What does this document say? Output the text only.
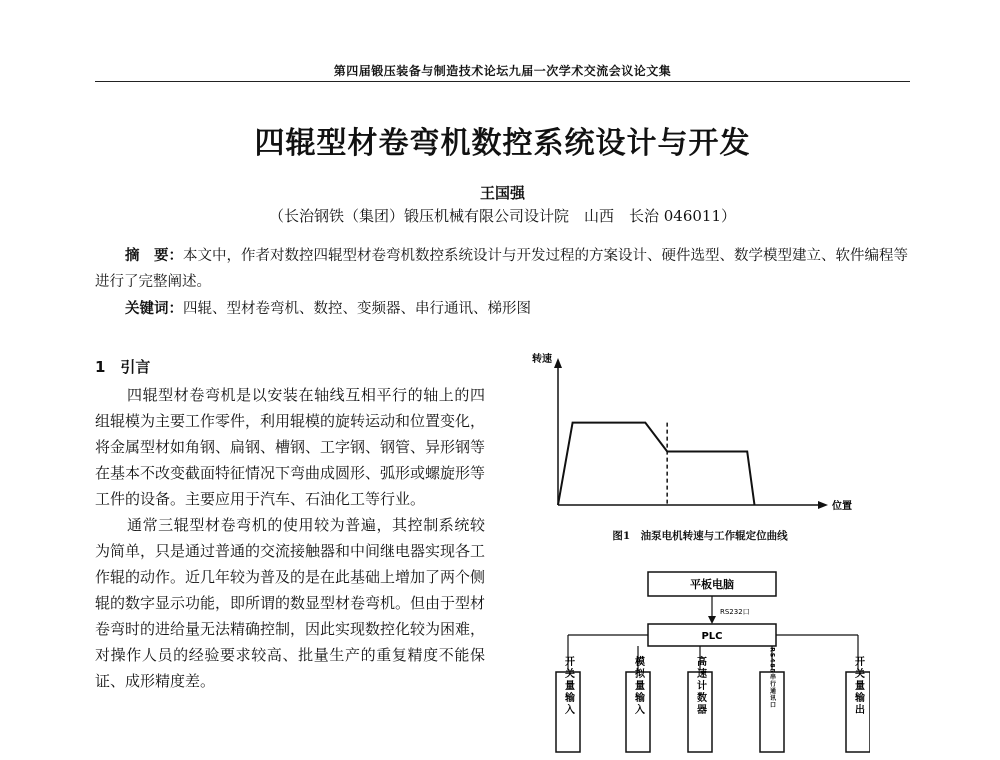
第四届锻压装备与制造技术论坛九届一次学术交流会议论文集
四辊型材卷弯机数控系统设计与开发
王国强
（长治钢铁（集团）锻压机械有限公司设计院　山西　长治 046011）
摘　要：本文中，作者对数控四辊型材卷弯机数控系统设计与开发过程的方案设计、硬件选型、数学模型建立、软件编程等进行了完整阐述。
关键词：四辊、型材卷弯机、数控、变频器、串行通讯、梯形图
1　引言

四辊型材卷弯机是以安装在轴线互相平行的轴上的四组辊模为主要工作零件，利用辊模的旋转运动和位置变化，将金属型材如角钢、扁钢、槽钢、工字钢、钢管、异形钢等在基本不改变截面特征情况下弯曲成圆形、弧形或螺旋形等工件的设备。主要应用于汽车、石油化工等行业。

通常三辊型材卷弯机的使用较为普遍，其控制系统较为简单，只是通过普通的交流接触器和中间继电器实现各工作辊的动作。近几年较为普及的是在此基础上增加了两个侧辊的数字显示功能，即所谓的数显型材卷弯机。但由于型材卷弯时的进给量无法精确控制，因此实现数控化较为困难，对操作人员的经验要求较高、批量生产的重复精度不能保证、成形精度差。

转速
位置
图1　油泵电机转速与工作辊定位曲线
平板电脑
RS232口
PLC
开关量输入	模拟量输入	高速计数器	RS485串行通讯口	开关量输出
